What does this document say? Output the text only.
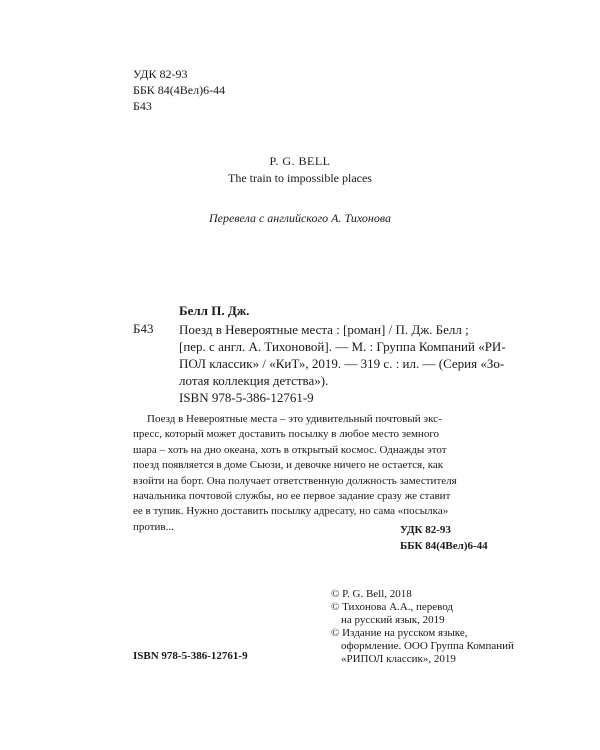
УДК 82-93
ББК 84(4Вел)6-44
Б43
P. G. BELL
The train to impossible places
Перевела с английского А. Тихонова
Белл П. Дж.
Б43 Поезд в Невероятные места : [роман] / П. Дж. Белл ;
[пер. с англ. А. Тихоновой]. — М. : Группа Компаний «РИ-
ПОЛ классик» / «КиТ», 2019. — 319 с. : ил. — (Серия «Зо-
лотая коллекция детства»).
ISBN 978-5-386-12761-9
Поезд в Невероятные места – это удивительный почтовый экс-
пресс, который может доставить посылку в любое место земного
шара – хоть на дно океана, хоть в открытый космос. Однажды этот
поезд появляется в доме Сьюзи, и девочке ничего не остается, как
взойти на борт. Она получает ответственную должность заместителя
начальника почтовой службы, но ее первое задание сразу же ставит
ее в тупик. Нужно доставить посылку адресату, но сама «посылка»
против...	УДК 82-93
ББК 84(4Вел)6-44
© P. G. Bell, 2018
© Тихонова А.А., перевод
на русский язык, 2019
© Издание на русском языке,
оформление. ООО Группа Компаний
«РИПОЛ классик», 2019
ISBN 978-5-386-12761-9
